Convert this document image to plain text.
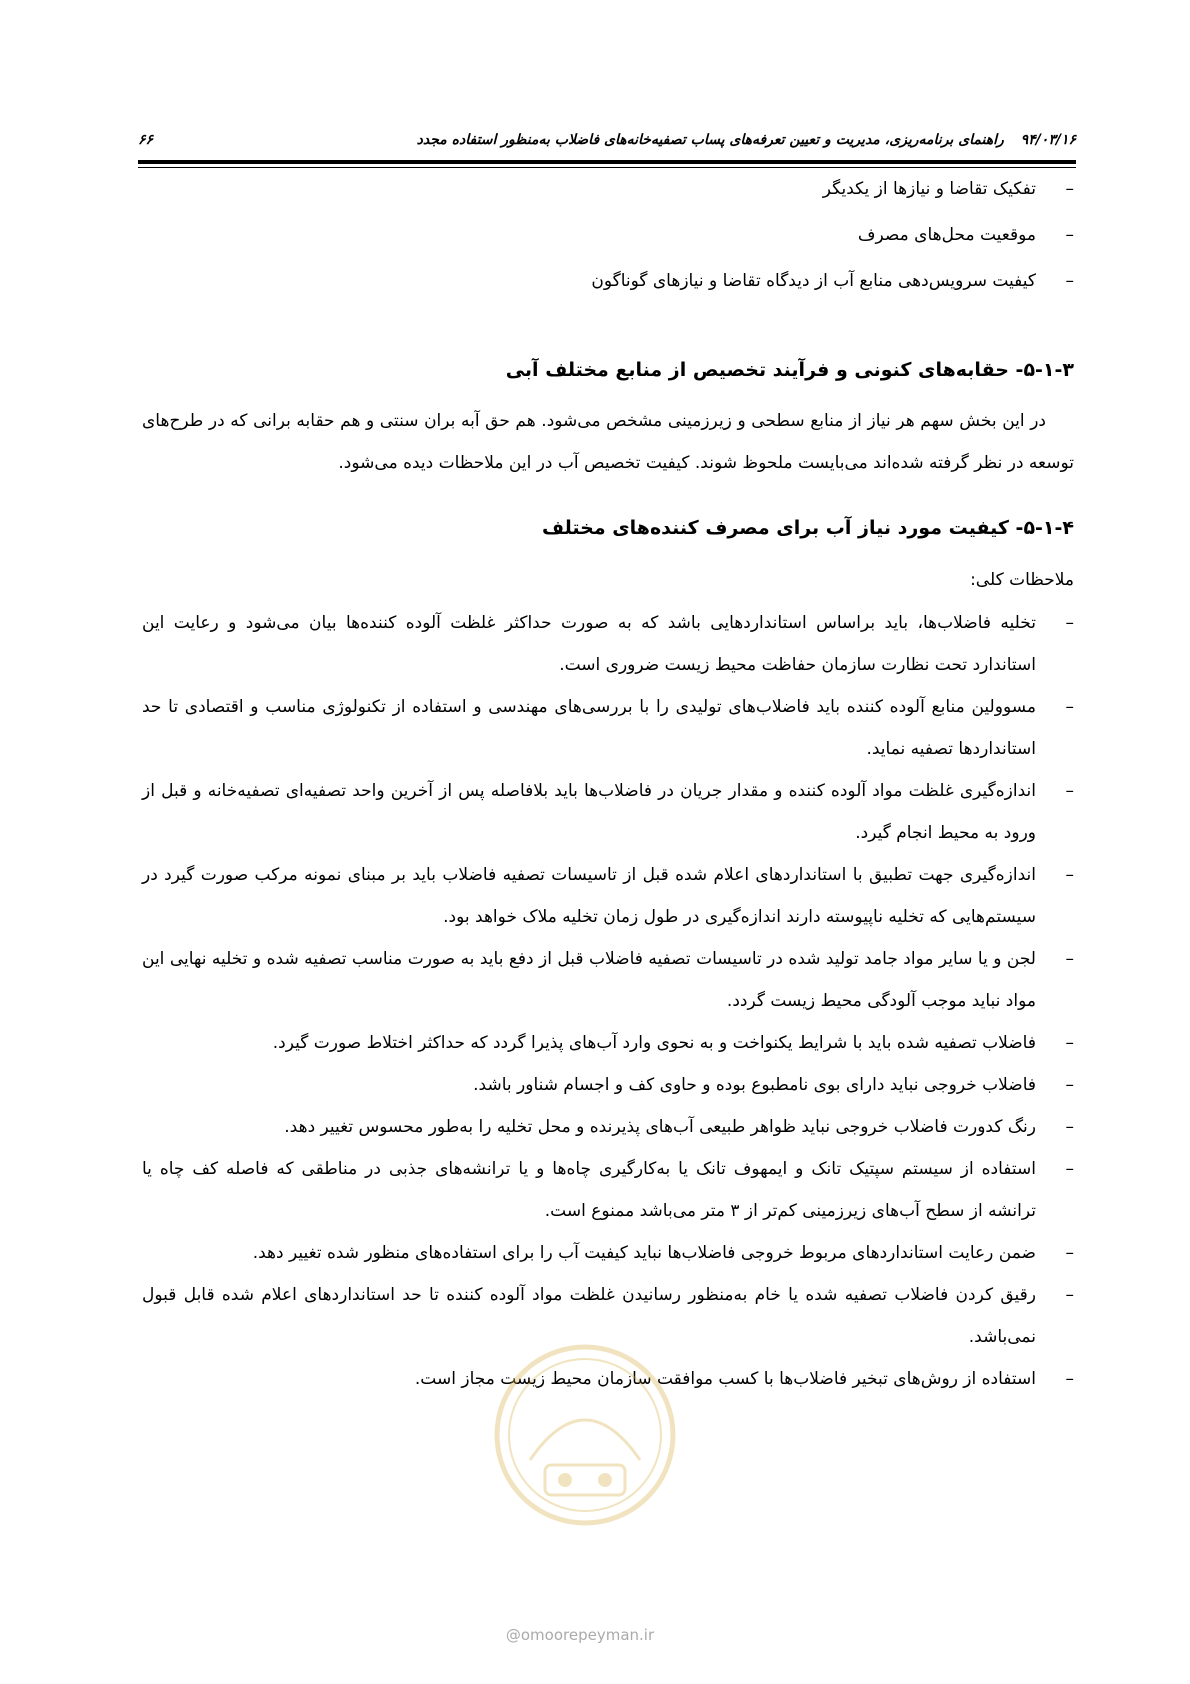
۹۴/۰۳/۱۶ راهنمای برنامه‌ریزی، مدیریت و تعیین تعرفه‌های پساب تصفیه‌خانه‌های فاضلاب به‌منظور استفاده مجدد
۶۶
–
تفکیک تقاضا و نیازها از یکدیگر
–
موقعیت محل‌های مصرف
–
کیفیت سرویس‌دهی منابع آب از دیدگاه تقاضا و نیازهای گوناگون
۵-۱-۳- حقابه‌های کنونی و فرآیند تخصیص از منابع مختلف آبی
در این بخش سهم هر نیاز از منابع سطحی و زیرزمینی مشخص می‌شود. هم حق آبه بران سنتی و هم حقابه برانی که در طرح‌های توسعه در نظر گرفته شده‌اند می‌بایست ملحوظ شوند. کیفیت تخصیص آب در این ملاحظات دیده می‌شود.
۵-۱-۴- کیفیت مورد نیاز آب برای مصرف کننده‌های مختلف
ملاحظات کلی:
–
تخلیه فاضلاب‌ها، باید براساس استانداردهایی باشد که به صورت حداکثر غلظت آلوده کننده‌ها بیان می‌شود و رعایت این استاندارد تحت نظارت سازمان حفاظت محیط زیست ضروری است.
–
مسوولین منابع آلوده کننده باید فاضلاب‌های تولیدی را با بررسی‌های مهندسی و استفاده از تکنولوژی مناسب و اقتصادی تا حد استانداردها تصفیه نماید.
–
اندازه‌گیری غلظت مواد آلوده کننده و مقدار جریان در فاضلاب‌ها باید بلافاصله پس از آخرین واحد تصفیه‌ای تصفیه‌خانه و قبل از ورود به محیط انجام گیرد.
–
اندازه‌گیری جهت تطبیق با استانداردهای اعلام شده قبل از تاسیسات تصفیه فاضلاب باید بر مبنای نمونه مرکب صورت گیرد در سیستم‌هایی که تخلیه ناپیوسته دارند اندازه‌گیری در طول زمان تخلیه ملاک خواهد بود.
–
لجن و یا سایر مواد جامد تولید شده در تاسیسات تصفیه فاضلاب قبل از دفع باید به صورت مناسب تصفیه شده و تخلیه نهایی این مواد نباید موجب آلودگی محیط زیست گردد.
–
فاضلاب تصفیه شده باید با شرایط یکنواخت و به نحوی وارد آب‌های پذیرا گردد که حداکثر اختلاط صورت گیرد.
–
فاضلاب خروجی نباید دارای بوی نامطبوع بوده و حاوی کف و اجسام شناور باشد.
–
رنگ کدورت فاضلاب خروجی نباید ظواهر طبیعی آب‌های پذیرنده و محل تخلیه را به‌طور محسوس تغییر دهد.
–
استفاده از سیستم سپتیک تانک و ایمهوف تانک یا به‌کارگیری چاه‌ها و یا ترانشه‌های جذبی در مناطقی که فاصله کف چاه یا ترانشه از سطح آب‌های زیرزمینی کم‌تر از ۳ متر می‌باشد ممنوع است.
–
ضمن رعایت استانداردهای مربوط خروجی فاضلاب‌ها نباید کیفیت آب را برای استفاده‌های منظور شده تغییر دهد.
–
رقیق کردن فاضلاب تصفیه شده یا خام به‌منظور رسانیدن غلظت مواد آلوده کننده تا حد استانداردهای اعلام شده قابل قبول نمی‌باشد.
–
استفاده از روش‌های تبخیر فاضلاب‌ها با کسب موافقت سازمان محیط زیست مجاز است.
@omoorepeyman.ir
